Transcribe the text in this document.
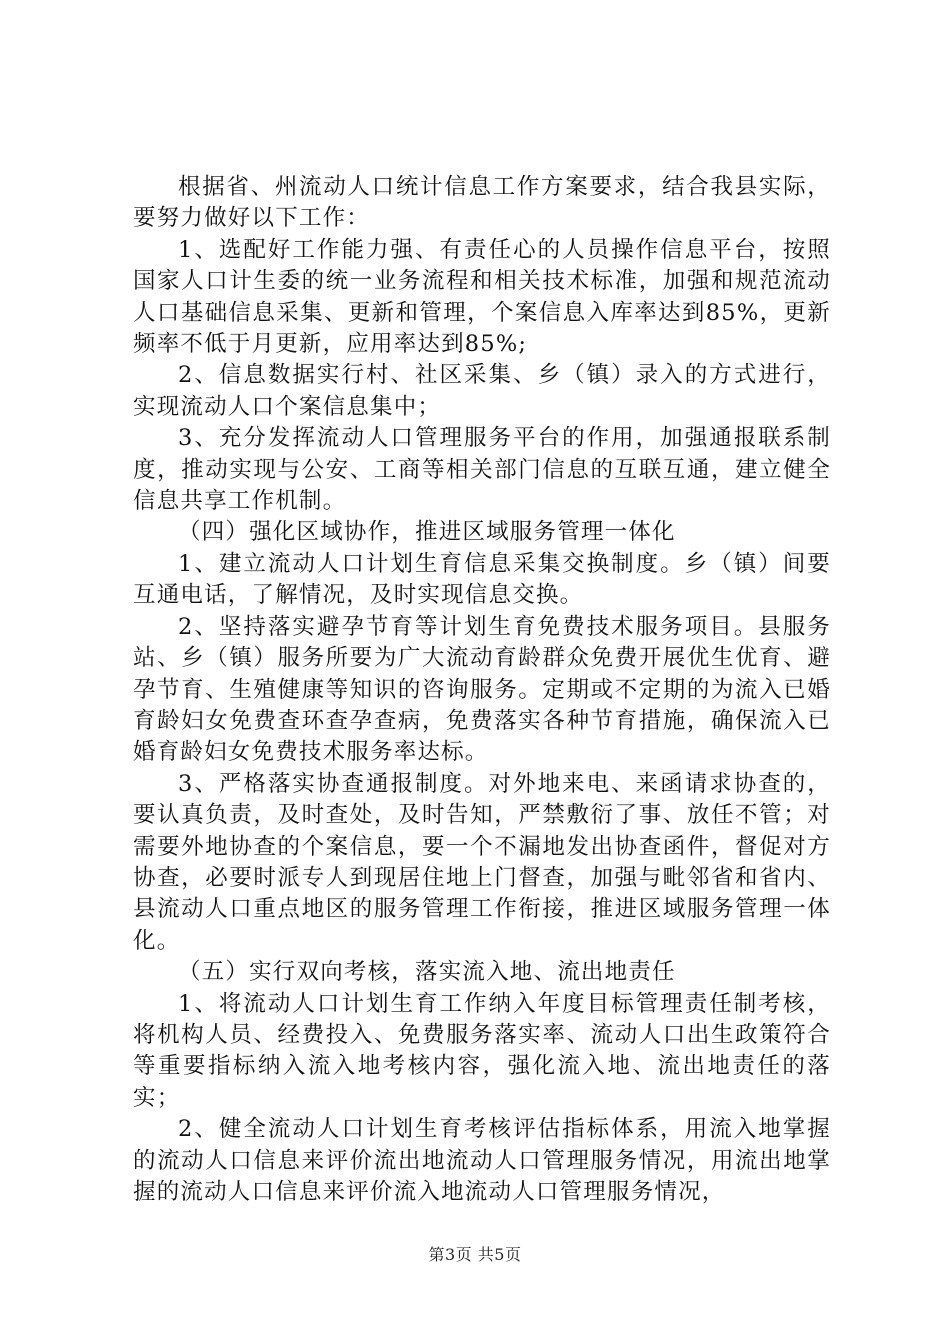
根据省、州流动人口统计信息工作方案要求，结合我县实际，要努力做好以下工作：

1、选配好工作能力强、有责任心的人员操作信息平台，按照国家人口计生委的统一业务流程和相关技术标准，加强和规范流动人口基础信息采集、更新和管理，个案信息入库率达到85%，更新频率不低于月更新，应用率达到85%;

2、信息数据实行村、社区采集、乡（镇）录入的方式进行，实现流动人口个案信息集中；

3、充分发挥流动人口管理服务平台的作用，加强通报联系制度，推动实现与公安、工商等相关部门信息的互联互通，建立健全信息共享工作机制。

（四）强化区域协作，推进区域服务管理一体化

1、建立流动人口计划生育信息采集交换制度。乡（镇）间要互通电话，了解情况，及时实现信息交换。

2、坚持落实避孕节育等计划生育免费技术服务项目。县服务站、乡（镇）服务所要为广大流动育龄群众免费开展优生优育、避孕节育、生殖健康等知识的咨询服务。定期或不定期的为流入已婚育龄妇女免费查环查孕查病，免费落实各种节育措施，确保流入已婚育龄妇女免费技术服务率达标。

3、严格落实协查通报制度。对外地来电、来函请求协查的，要认真负责，及时查处，及时告知，严禁敷衍了事、放任不管；对需要外地协查的个案信息，要一个不漏地发出协查函件，督促对方协查，必要时派专人到现居住地上门督查，加强与毗邻省和省内、县流动人口重点地区的服务管理工作衔接，推进区域服务管理一体化。

（五）实行双向考核，落实流入地、流出地责任

1、将流动人口计划生育工作纳入年度目标管理责任制考核，将机构人员、经费投入、免费服务落实率、流动人口出生政策符合等重要指标纳入流入地考核内容，强化流入地、流出地责任的落实；

2、健全流动人口计划生育考核评估指标体系，用流入地掌握的流动人口信息来评价流出地流动人口管理服务情况，用流出地掌握的流动人口信息来评价流入地流动人口管理服务情况，

第3页 共5页
